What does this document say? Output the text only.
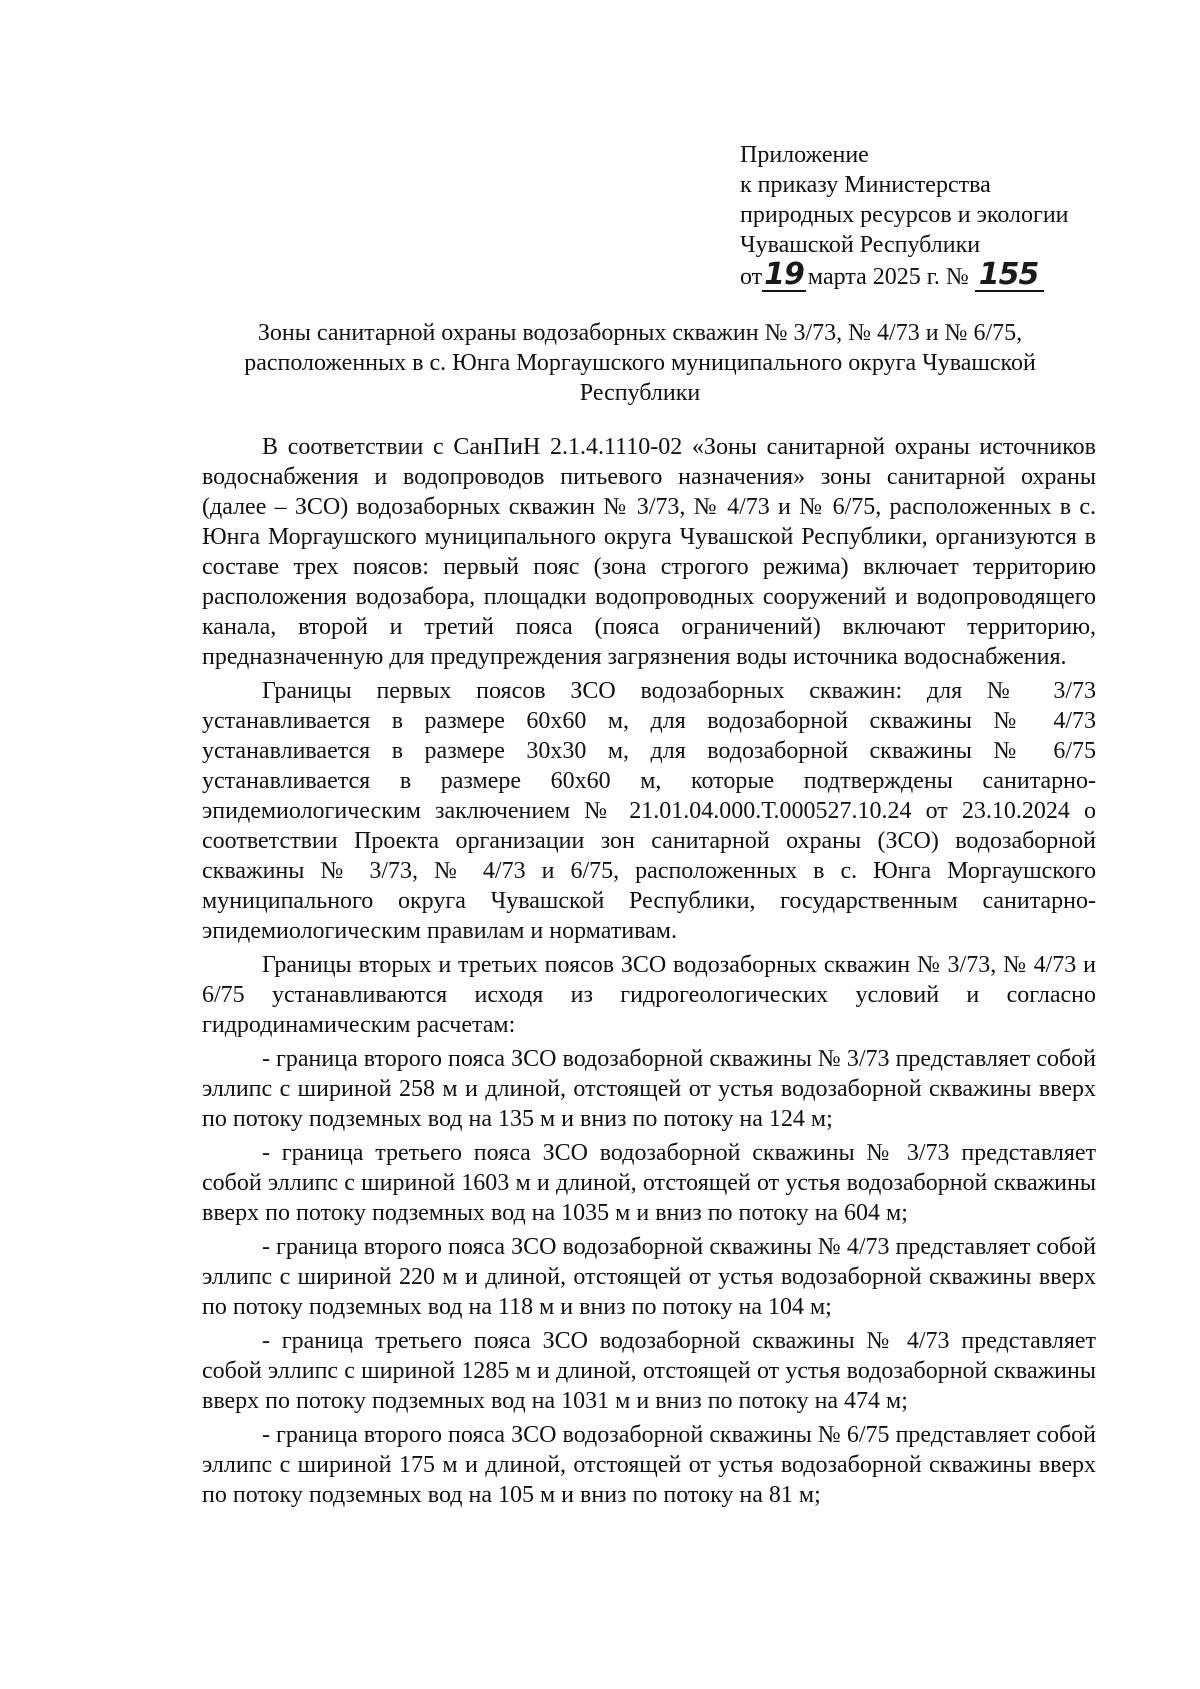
Приложение
к приказу Министерства
природных ресурсов и экологии
Чувашской Республики
от19 марта 2025 г. № 155
Зоны санитарной охраны водозаборных скважин № 3/73, № 4/73 и № 6/75,
расположенных в с. Юнга Моргаушского муниципального округа Чувашской
Республики

В соответствии с СанПиН 2.1.4.1110-02 «Зоны санитарной охраны источников водоснабжения и водопроводов питьевого назначения» зоны санитарной охраны (далее – ЗСО) водозаборных скважин № 3/73, № 4/73 и № 6/75, расположенных в с. Юнга Моргаушского муниципального округа Чувашской Республики, организуются в составе трех поясов: первый пояс (зона строгого режима) включает территорию расположения водозабора, площадки водопроводных сооружений и водопроводящего канала, второй и третий пояса (пояса ограничений) включают территорию, предназначенную для предупреждения загрязнения воды источника водоснабжения.

Границы первых поясов ЗСО водозаборных скважин: для № 3/73 устанавливается в размере 60х60 м, для водозаборной скважины № 4/73 устанавливается в размере 30х30 м, для водозаборной скважины № 6/75 устанавливается в размере 60х60 м, которые подтверждены санитарно-эпидемиологическим заключением № 21.01.04.000.Т.000527.10.24 от 23.10.2024 о соответствии Проекта организации зон санитарной охраны (ЗСО) водозаборной скважины № 3/73, № 4/73 и 6/75, расположенных в с. Юнга Моргаушского муниципального округа Чувашской Республики, государственным санитарно-эпидемиологическим правилам и нормативам.

Границы вторых и третьих поясов ЗСО водозаборных скважин № 3/73, № 4/73 и 6/75 устанавливаются исходя из гидрогеологических условий и согласно гидродинамическим расчетам:

- граница второго пояса ЗСО водозаборной скважины № 3/73 представляет собой эллипс с шириной 258 м и длиной, отстоящей от устья водозаборной скважины вверх по потоку подземных вод на 135 м и вниз по потоку на 124 м;

- граница третьего пояса ЗСО водозаборной скважины № 3/73 представляет собой эллипс с шириной 1603 м и длиной, отстоящей от устья водозаборной скважины вверх по потоку подземных вод на 1035 м и вниз по потоку на 604 м;

- граница второго пояса ЗСО водозаборной скважины № 4/73 представляет собой эллипс с шириной 220 м и длиной, отстоящей от устья водозаборной скважины вверх по потоку подземных вод на 118 м и вниз по потоку на 104 м;

- граница третьего пояса ЗСО водозаборной скважины № 4/73 представляет собой эллипс с шириной 1285 м и длиной, отстоящей от устья водозаборной скважины вверх по потоку подземных вод на 1031 м и вниз по потоку на 474 м;

- граница второго пояса ЗСО водозаборной скважины № 6/75 представляет собой эллипс с шириной 175 м и длиной, отстоящей от устья водозаборной скважины вверх по потоку подземных вод на 105 м и вниз по потоку на 81 м;
